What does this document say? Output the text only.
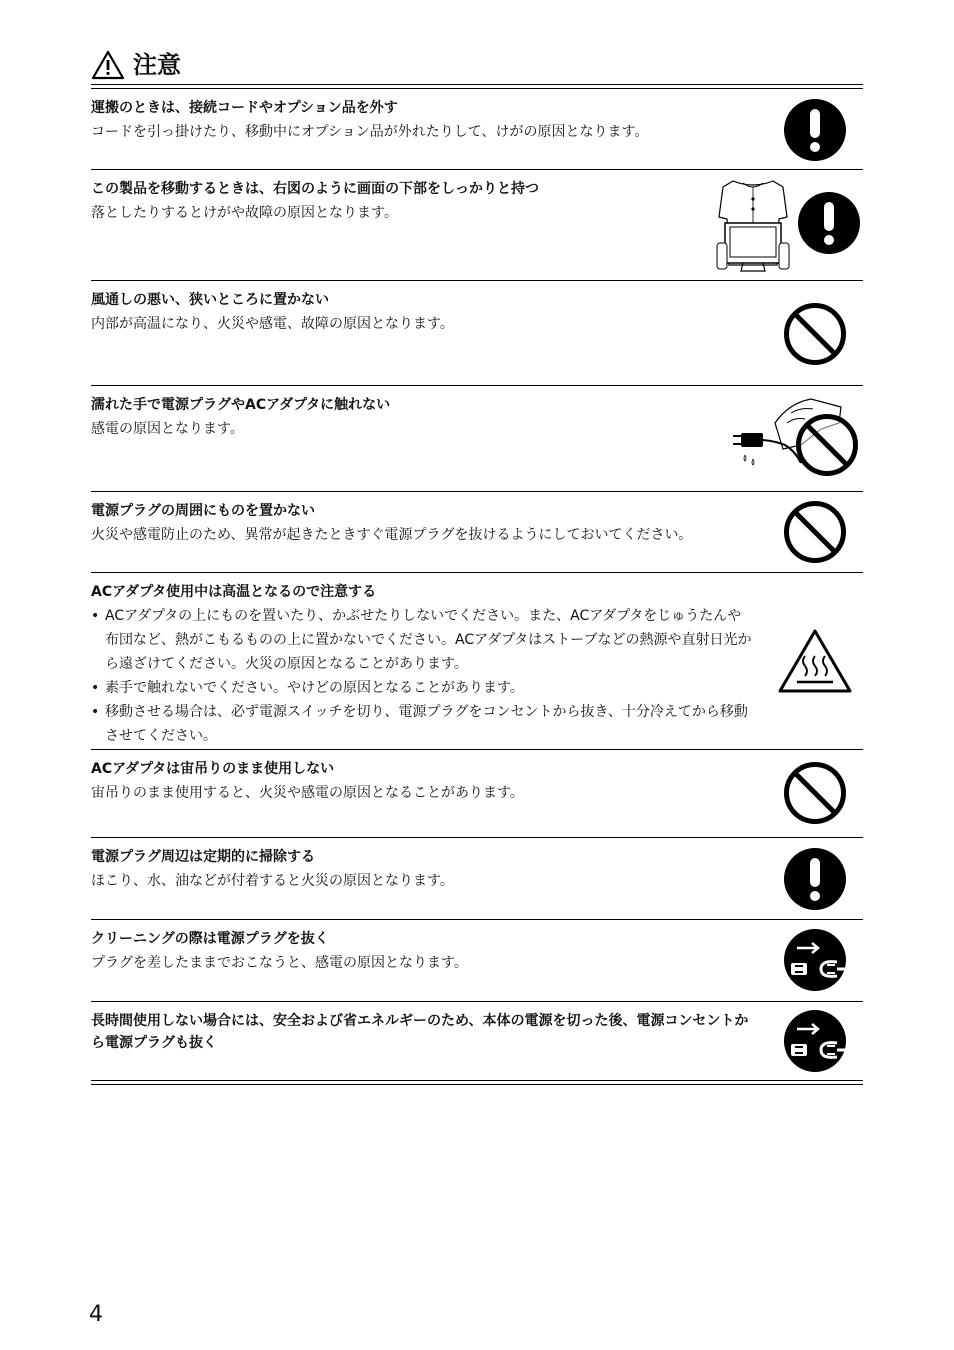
注意
運搬のときは、接続コードやオプション品を外す
コードを引っ掛けたり、移動中にオプション品が外れたりして、けがの原因となります。
この製品を移動するときは、右図のように画面の下部をしっかりと持つ
落としたりするとけがや故障の原因となります。
風通しの悪い、狭いところに置かない
内部が高温になり、火災や感電、故障の原因となります。
濡れた手で電源プラグやACアダプタに触れない
感電の原因となります。
電源プラグの周囲にものを置かない
火災や感電防止のため、異常が起きたときすぐ電源プラグを抜けるようにしておいてください。
ACアダプタ使用中は高温となるので注意する
• ACアダプタの上にものを置いたり、かぶせたりしないでください。また、ACアダプタをじゅうたんや布団など、熱がこもるものの上に置かないでください。ACアダプタはストーブなどの熱源や直射日光から遠ざけてください。火災の原因となることがあります。
• 素手で触れないでください。やけどの原因となることがあります。
• 移動させる場合は、必ず電源スイッチを切り、電源プラグをコンセントから抜き、十分冷えてから移動させてください。
ACアダプタは宙吊りのまま使用しない
宙吊りのまま使用すると、火災や感電の原因となることがあります。
電源プラグ周辺は定期的に掃除する
ほこり、水、油などが付着すると火災の原因となります。
クリーニングの際は電源プラグを抜く
プラグを差したままでおこなうと、感電の原因となります。
長時間使用しない場合には、安全および省エネルギーのため、本体の電源を切った後、電源コンセントから電源プラグも抜く
4
